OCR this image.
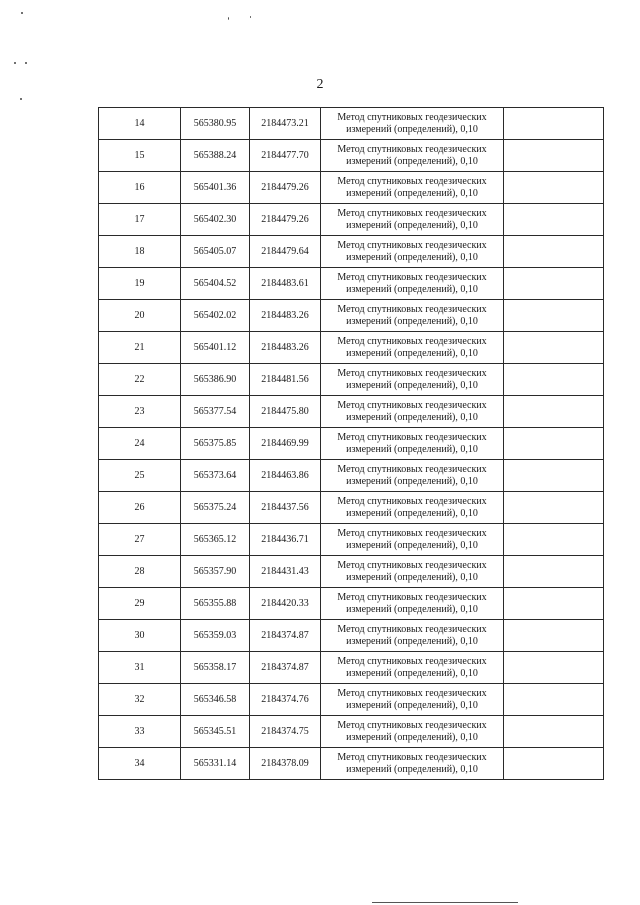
2
14	565380.95	2184473.21	Метод спутниковых геодезических
измерений (определений), 0,10	

15	565388.24	2184477.70	Метод спутниковых геодезических
измерений (определений), 0,10	

16	565401.36	2184479.26	Метод спутниковых геодезических
измерений (определений), 0,10	

17	565402.30	2184479.26	Метод спутниковых геодезических
измерений (определений), 0,10	

18	565405.07	2184479.64	Метод спутниковых геодезических
измерений (определений), 0,10	

19	565404.52	2184483.61	Метод спутниковых геодезических
измерений (определений), 0,10	

20	565402.02	2184483.26	Метод спутниковых геодезических
измерений (определений), 0,10	

21	565401.12	2184483.26	Метод спутниковых геодезических
измерений (определений), 0,10	

22	565386.90	2184481.56	Метод спутниковых геодезических
измерений (определений), 0,10	

23	565377.54	2184475.80	Метод спутниковых геодезических
измерений (определений), 0,10	

24	565375.85	2184469.99	Метод спутниковых геодезических
измерений (определений), 0,10	

25	565373.64	2184463.86	Метод спутниковых геодезических
измерений (определений), 0,10	

26	565375.24	2184437.56	Метод спутниковых геодезических
измерений (определений), 0,10	

27	565365.12	2184436.71	Метод спутниковых геодезических
измерений (определений), 0,10	

28	565357.90	2184431.43	Метод спутниковых геодезических
измерений (определений), 0,10	

29	565355.88	2184420.33	Метод спутниковых геодезических
измерений (определений), 0,10	

30	565359.03	2184374.87	Метод спутниковых геодезических
измерений (определений), 0,10	

31	565358.17	2184374.87	Метод спутниковых геодезических
измерений (определений), 0,10	

32	565346.58	2184374.76	Метод спутниковых геодезических
измерений (определений), 0,10	

33	565345.51	2184374.75	Метод спутниковых геодезических
измерений (определений), 0,10	

34	565331.14	2184378.09	Метод спутниковых геодезических
измерений (определений), 0,10	
